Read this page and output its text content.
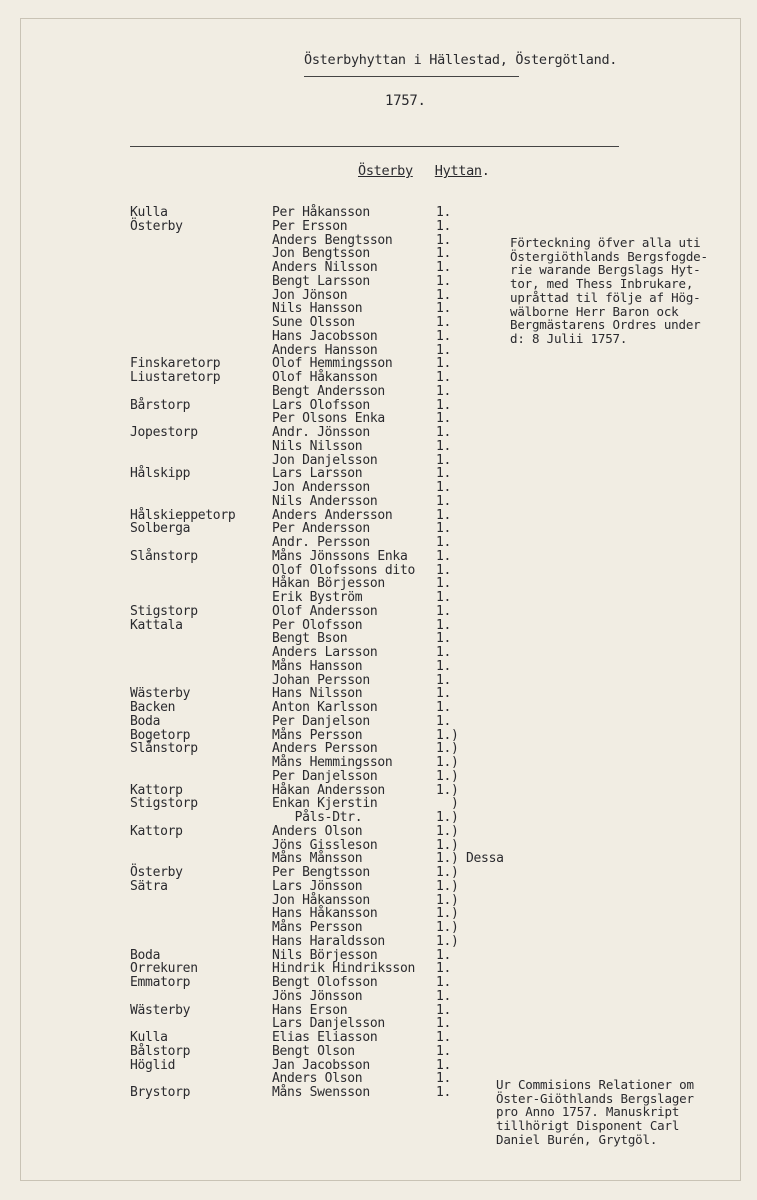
Österbyhyttan i Hällestad, Östergötland.
1757.
Österby Hyttan.
Kulla	Per Håkansson	1.
Österby	Per Ersson	1.
Anders Bengtsson	1.
Jon Bengtsson	1.
Anders Nilsson	1.
Bengt Larsson	1.
Jon Jönson	1.
Nils Hansson	1.
Sune Olsson	1.
Hans Jacobsson	1.
Anders Hansson	1.
Finskaretorp	Olof Hemmingsson	1.
Liustaretorp	Olof Håkansson	1.
Bengt Andersson	1.
Bårstorp	Lars Olofsson	1.
Per Olsons Enka	1.
Jopestorp	Andr. Jönsson	1.
Nils Nilsson	1.
Jon Danjelsson	1.
Hålskipp	Lars Larsson	1.
Jon Andersson	1.
Nils Andersson	1.
Hålskieppetorp	Anders Andersson	1.
Solberga	Per Andersson	1.
Andr. Persson	1.
Slånstorp	Måns Jönssons Enka 1.
Olof Olofssons dito 1.
Håkan Börjesson	1.
Erik Byström	1.
Stigstorp	Olof Andersson	1.
Kattala	Per Olofsson	1.
Bengt Bson	1.
Anders Larsson	1.
Måns Hansson	1.
Johan Persson	1.
Wästerby	Hans Nilsson	1.
Backen	Anton Karlsson	1.
Boda	Per Danjelson	1.
Bogetorp	Måns Persson	1.)
Slånstorp	Anders Persson	1.)
Måns Hemmingsson	1.)
Per Danjelsson	1.)
Kattorp	Håkan Andersson	1.)
Stigstorp	Enkan Kjerstin	)
Påls-Dtr.	1.)
Kattorp	Anders Olson	1.)
Jöns Gissleson	1.)
Måns Månsson	1.) Dessa
Österby	Per Bengtsson	1.)
Sätra	Lars Jönsson	1.)
Jon Håkansson	1.)
Hans Håkansson	1.)
Måns Persson	1.)
Hans Haraldsson	1.)
Boda	Nils Börjesson	1.
Orrekuren	Hindrik Hindriksson 1.
Emmatorp	Bengt Olofsson	1.
Jöns Jönsson	1.
Wästerby	Hans Erson	1.
Lars Danjelsson	1.
Kulla	Elias Eliasson	1.
Bålstorp	Bengt Olson	1.
Höglid	Jan Jacobsson	1.
Anders Olson	1.
Brystorp	Måns Swensson	1.
Förteckning öfver alla uti
Östergiöthlands Bergsfogde-
rie warande Bergslags Hyt-
tor, med Thess Inbrukare,
upråttad til följe af Hög-
wälborne Herr Baron ock
Bergmästarens Ordres under
d: 8 Julii 1757.
Ur Commisions Relationer om
Öster-Giöthlands Bergslager
pro Anno 1757. Manuskript
tillhörigt Disponent Carl
Daniel Burén, Grytgöl.
